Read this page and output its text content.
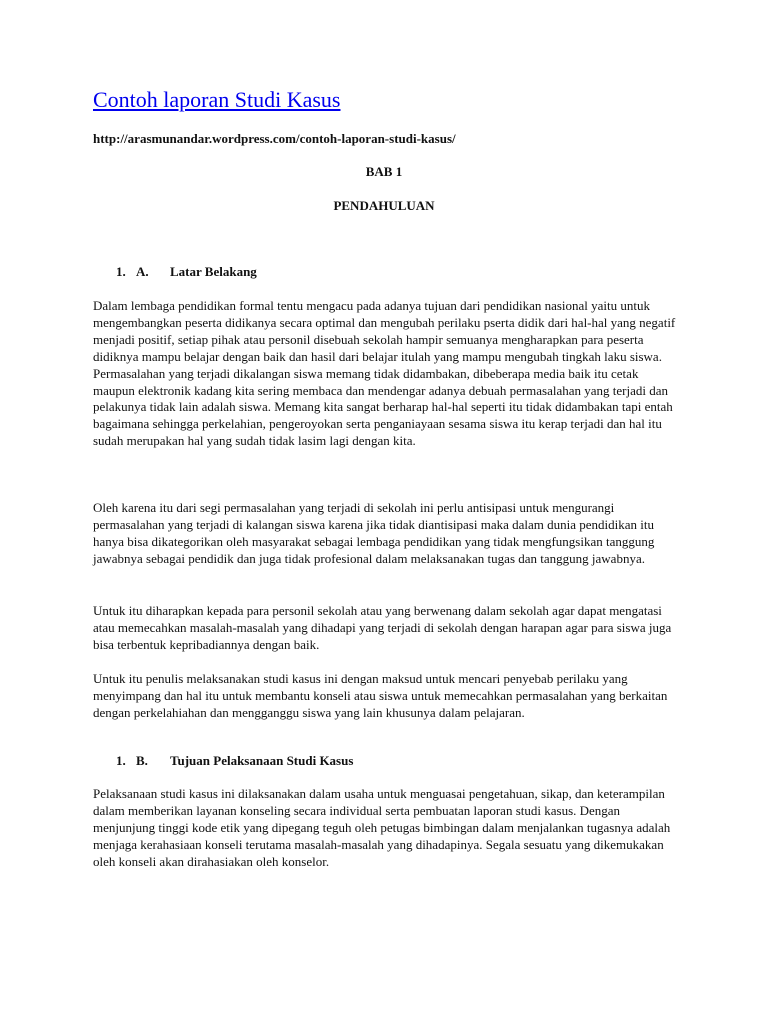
Contoh laporan Studi Kasus

http://arasmunandar.wordpress.com/contoh-laporan-studi-kasus/

BAB 1

PENDAHULUAN

1. A. Latar Belakang

Dalam lembaga pendidikan formal tentu mengacu pada adanya tujuan dari pendidikan nasional yaitu untuk mengembangkan peserta didikanya secara optimal dan mengubah perilaku pserta didik dari hal-hal yang negatif menjadi positif, setiap pihak atau personil disebuah sekolah hampir semuanya mengharapkan para peserta didiknya mampu belajar dengan baik dan hasil dari belajar itulah yang mampu mengubah tingkah laku siswa. Permasalahan yang terjadi dikalangan siswa memang tidak didambakan, dibeberapa media baik itu cetak maupun elektronik kadang kita sering membaca dan mendengar adanya debuah permasalahan yang terjadi dan pelakunya tidak lain adalah siswa. Memang kita sangat berharap hal-hal seperti itu tidak didambakan tapi entah bagaimana sehingga perkelahian, pengeroyokan serta penganiayaan sesama siswa itu kerap terjadi dan hal itu sudah merupakan hal yang sudah tidak lasim lagi dengan kita.

Oleh karena itu dari segi permasalahan yang terjadi di sekolah ini perlu antisipasi untuk mengurangi permasalahan yang terjadi di kalangan siswa karena jika tidak diantisipasi maka dalam dunia pendidikan itu hanya bisa dikategorikan oleh masyarakat sebagai lembaga pendidikan yang tidak mengfungsikan tanggung jawabnya sebagai pendidik dan juga tidak profesional dalam melaksanakan tugas dan tanggung jawabnya.

Untuk itu diharapkan kepada para personil sekolah atau yang berwenang dalam sekolah agar dapat mengatasi atau memecahkan masalah-masalah yang dihadapi yang terjadi di sekolah dengan harapan agar para siswa juga bisa terbentuk kepribadiannya dengan baik.

Untuk itu penulis melaksanakan studi kasus ini dengan maksud untuk mencari penyebab perilaku yang menyimpang dan hal itu untuk membantu konseli atau siswa untuk memecahkan permasalahan yang berkaitan dengan perkelahiahan dan mengganggu siswa yang lain khusunya dalam pelajaran.

1. B. Tujuan Pelaksanaan Studi Kasus

Pelaksanaan studi kasus ini dilaksanakan dalam usaha untuk menguasai pengetahuan, sikap, dan keterampilan dalam memberikan layanan konseling secara individual serta pembuatan laporan studi kasus. Dengan menjunjung tinggi kode etik yang dipegang teguh oleh petugas bimbingan dalam menjalankan tugasnya adalah menjaga kerahasiaan konseli terutama masalah-masalah yang dihadapinya. Segala sesuatu yang dikemukakan oleh konseli akan dirahasiakan oleh konselor.
